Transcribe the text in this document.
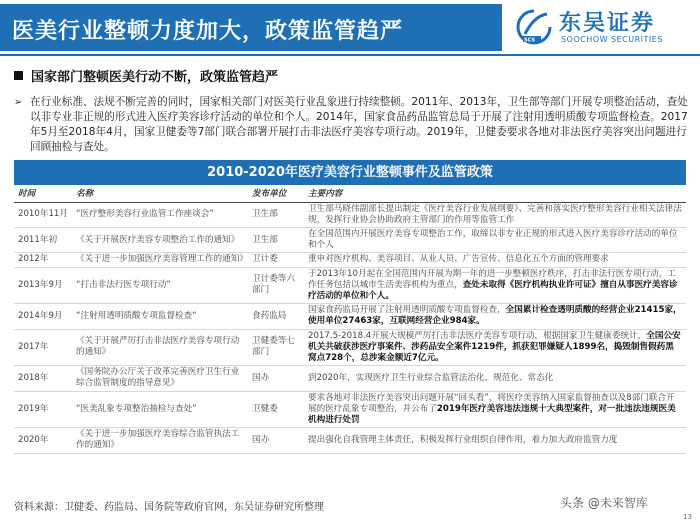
医美行业整顿力度加大，政策监管趋严	SCS
东吴证券
SOOCHOW SECURITIES
国家部门整顿医美行动不断，政策监管趋严
➢ 在行业标准、法规不断完善的同时，国家相关部门对医美行业乱象进行持续整顿。2011年、2013年，卫生部等部门开展专项整治活动，查处以非专业非正规的形式进入医疗美容诊疗活动的单位和个人。2014年，国家食品药品监管总局于开展了注射用透明质酸专项监督检查。2017年5月至2018年4月，国家卫健委等7部门联合部署开展打击非法医疗美容专项行动。2019年，卫健委要求各地对非法医疗美容突出问题进行回顾抽检与查处。
2010-2020年医疗美容行业整顿事件及监管政策
时间	名称	发布单位	主要内容
2010年11月	“医疗整形美容行业监管工作座谈会”	卫生部	卫生部马晓伟副部长提出制定《医疗美容行业发展纲要》、完善和落实医疗整形美容行业相关法律法规，发挥行业协会协助政府主管部门的作用等监管工作
2011年初	《关于开展医疗美容专项整治工作的通知》	卫生部	在全国范围内开展医疗美容专项整治工作，取缔以非专业正规的形式进入医疗美容诊疗活动的单位和个人
2012年	《关于进一步加强医疗美容管理工作的通知》	卫计委	重申对医疗机构、美容项目、从业人员、广告宣传、信息化五个方面的管理要求
2013年9月	“打击非法行医专项行动”	卫计委等六部门	于2013年10月起在全国范围内开展为期一年的进一步整顿医疗秩序，打击非法行医专项行动，工作任务包括以城市生活美容机构为重点，查处未取得《医疗机构执业许可证》擅自从事医疗美容诊疗活动的单位和个人。
2014年9月	“注射用透明质酸专项监督检查“	食药监局	国家食药监局开展了注射用透明质酸专项监督检查，全国累计检查透明质酸的经营企业21415家，使用单位27463家，互联网经营企业984家。
2017年	《关于开展严厉打击非法医疗美容专项行动的通知》	卫健委等七部门	2017.5-2018.4开展大规模严厉打击非法医疗美容专项行动，根据国家卫生健康委统计，全国公安机关共破获涉医疗事案件、涉药品安全案件1219件，抓获犯罪嫌疑人1899名，捣毁制售假药黑窝点728个，总涉案金额近7亿元。
2018年	《国务院办公厅关于改革完善医疗卫生行业综合监管制度的指导意见》	国办	到2020年，实现医疗卫生行业综合监管法治化、规范化、常态化
2019年	“医美乱象专项整治抽检与查处”	卫健委	要求各地对非法医疗美容突出问题开展“回头看”，将医疗美容纳入国家监督抽查以及8部门联合开展的医疗乱象专项整治，并公布了2019年医疗美容违法违规十大典型案件，对一批违法违规医美机构进行处罚
2020年	《关于进一步加强医疗美容综合监管执法工作的通知》	国办	提出强化自我管理主体责任，积极发挥行业组织自律作用，着力加大政府监管力度
资料来源：卫健委、药监局、国务院等政府官网，东吴证券研究所整理	头条 @未来智库
13
